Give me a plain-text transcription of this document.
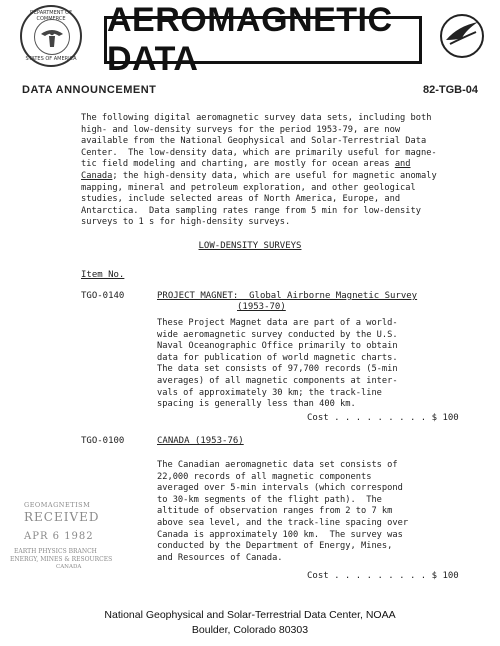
DEPARTMENT OF COMMERCE
STATES OF AMERICA
AEROMAGNETIC DATA
DATA ANNOUNCEMENT	82-TGB-04
The following digital aeromagnetic survey data sets, including both
high- and low-density surveys for the period 1953-79, are now
available from the National Geophysical and Solar-Terrestrial Data
Center.  The low-density data, which are primarily useful for magne-
tic field modeling and charting, are mostly for ocean areas and
Canada; the high-density data, which are useful for magnetic anomaly
mapping, mineral and petroleum exploration, and other geological
studies, include selected areas of North America, Europe, and
Antarctica.  Data sampling rates range from 5 min for low-density
surveys to 1 s for high-density surveys.
LOW-DENSITY SURVEYS
Item No.
TGO-0140	PROJECT MAGNET:  Global Airborne Magnetic Survey
(1953-70)
These Project Magnet data are part of a world-
wide aeromagnetic survey conducted by the U.S.
Naval Oceanographic Office primarily to obtain
data for publication of world magnetic charts.
The data set consists of 97,700 records (5-min
averages) of all magnetic components at inter-
vals of approximately 30 km; the track-line
spacing is generally less than 400 km.
Cost . . . . . . . . . $ 100
TGO-0100	CANADA (1953-76)
The Canadian aeromagnetic data set consists of
22,000 records of all magnetic components
averaged over 5-min intervals (which correspond
to 30-km segments of the flight path).  The
altitude of observation ranges from 2 to 7 km
above sea level, and the track-line spacing over
Canada is approximately 100 km.  The survey was
conducted by the Department of Energy, Mines,
and Resources of Canada.
Cost . . . . . . . . . $ 100
GEOMAGNETISM
RECEIVED
APR 6 1982
EARTH PHYSICS BRANCH
ENERGY, MINES & RESOURCES
CANADA
National Geophysical and Solar-Terrestrial Data Center, NOAA
Boulder, Colorado 80303
